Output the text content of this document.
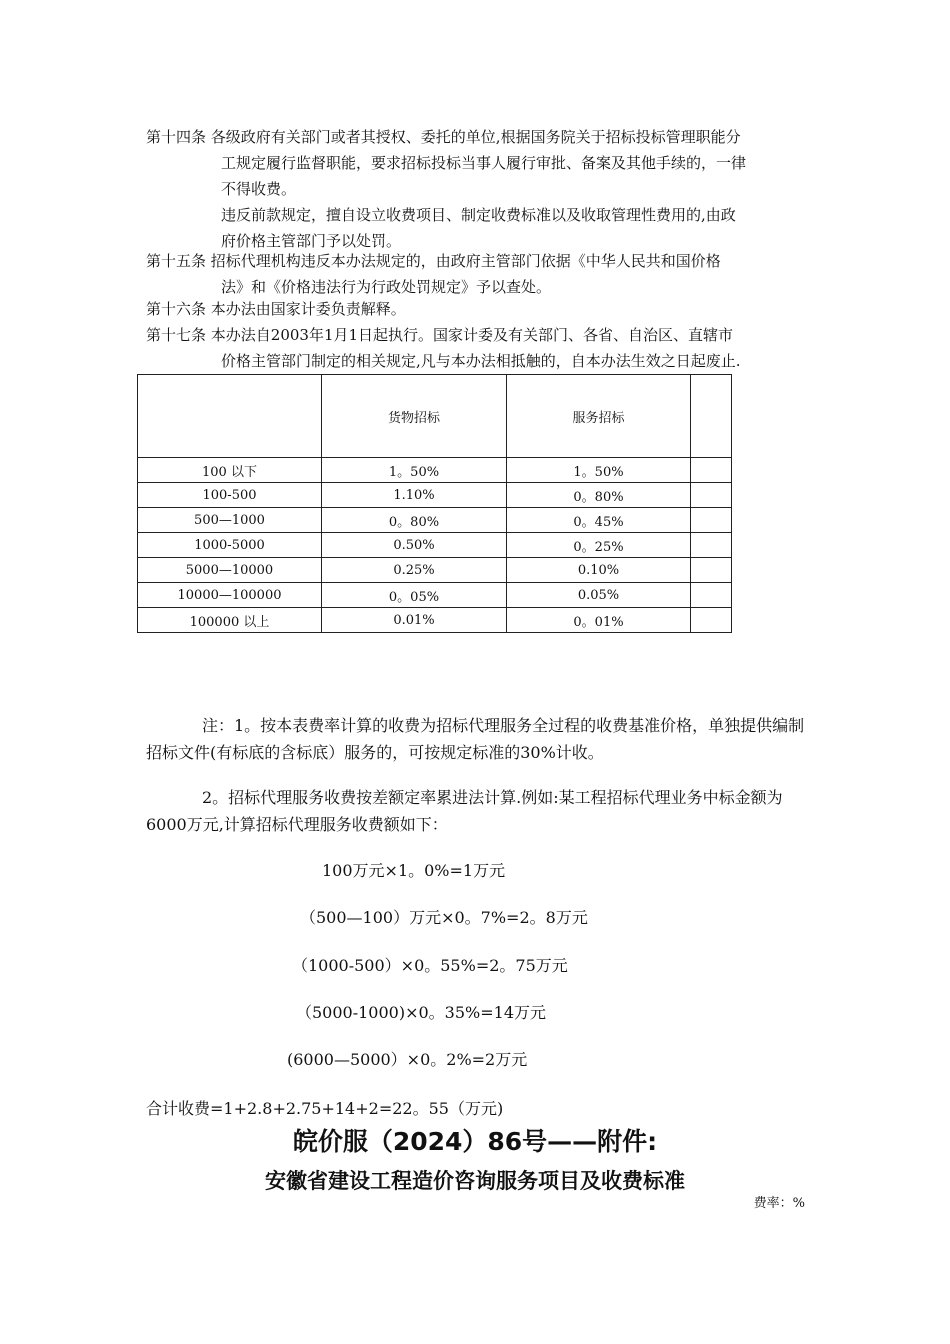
第十四条 各级政府有关部门或者其授权、委托的单位,根据国务院关于招标投标管理职能分
工规定履行监督职能，要求招标投标当事人履行审批、备案及其他手续的，一律
不得收费。
违反前款规定，擅自设立收费项目、制定收费标准以及收取管理性费用的,由政
府价格主管部门予以处罚。
第十五条 招标代理机构违反本办法规定的，由政府主管部门依据《中华人民共和国价格
法》和《价格违法行为行政处罚规定》予以查处。
第十六条 本办法由国家计委负责解释。
第十七条 本办法自2003年1月1日起执行。国家计委及有关部门、各省、自治区、直辖市
价格主管部门制定的相关规定,凡与本办法相抵触的，自本办法生效之日起废止.
	货物招标	服务招标	
100 以下	1。50%	1。50%	
100-500	1.10%	0。80%	
500—1000	0。80%	0。45%	
1000-5000	0.50%	0。25%	
5000—10000	0.25%	0.10%	
10000—100000	0。05%	0.05%	
100000 以上	0.01%	0。01%	

注：1。按本表费率计算的收费为招标代理服务全过程的收费基准价格，单独提供编制招标文件(有标底的含标底）服务的，可按规定标准的30%计收。

2。招标代理服务收费按差额定率累进法计算.例如:某工程招标代理业务中标金额为6000万元,计算招标代理服务收费额如下：

100万元×1。0%=1万元
（500—100）万元×0。7%=2。8万元
（1000-500）×0。55%=2。75万元
（5000-1000)×0。35%=14万元
(6000—5000）×0。2%=2万元
合计收费=1+2.8+2.75+14+2=22。55（万元)
皖价服（2024）86号——附件:
安徽省建设工程造价咨询服务项目及收费标准
费率：%
